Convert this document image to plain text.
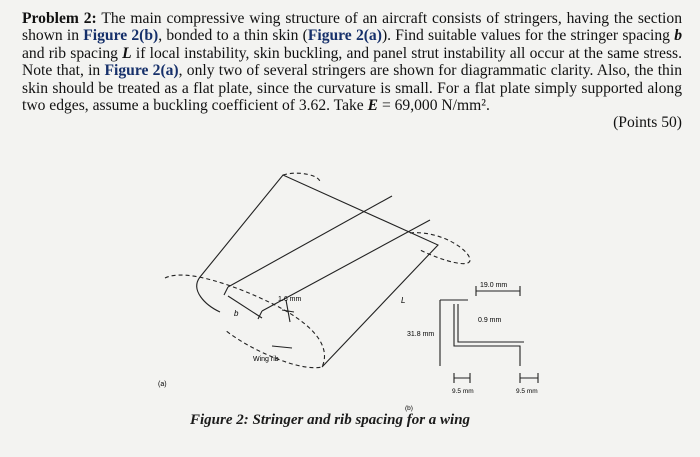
Problem 2: The main compressive wing structure of an aircraft consists of stringers, having the section shown in Figure 2(b), bonded to a thin skin (Figure 2(a)). Find suitable values for the stringer spacing b and rib spacing L if local instability, skin buckling, and panel strut instability all occur at the same stress. Note that, in Figure 2(a), only two of several stringers are shown for diagrammatic clarity. Also, the thin skin should be treated as a flat plate, since the curvature is small. For a flat plate simply supported along two edges, assume a buckling coefficient of 3.62. Take E = 69,000 N/mm².
(Points 50)
1.6 mm
b
L
Wing rib
19.0 mm
0.9 mm
31.8 mm
9.5 mm	9.5 mm
(a)
(b)
Figure 2: Stringer and rib spacing for a wing
